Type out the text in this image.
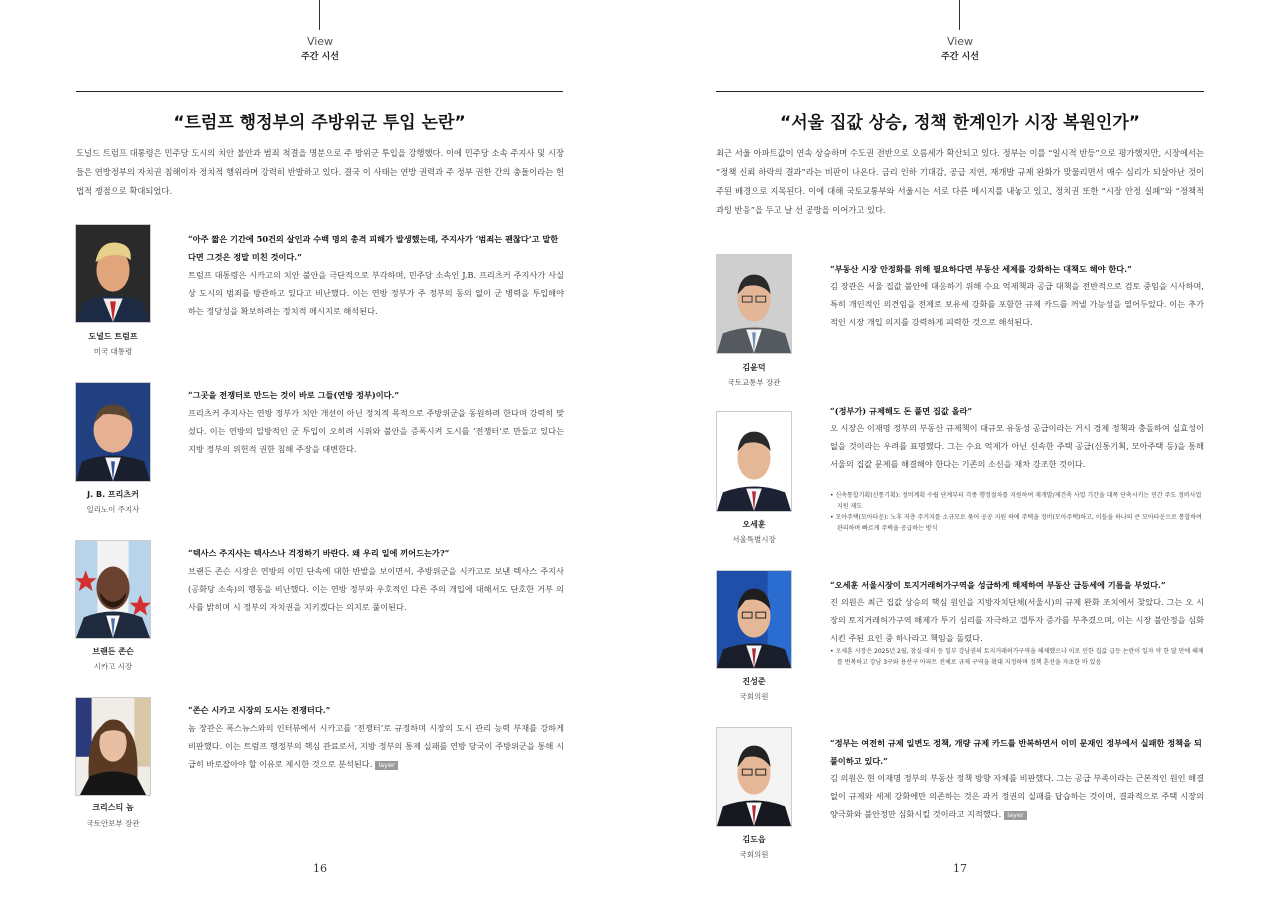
View
주간 시선
“트럼프 행정부의 주방위군 투입 논란”
도널드 트럼프 대통령은 민주당 도시의 치안 불안과 범죄 척결을 명분으로 주 방위군 투입을 강행했다. 이에 민주당 소속 주지사 및 시장들은 연방정부의 자치권 침해이자 정치적 행위라며 강력히 반발하고 있다. 결국 이 사태는 연방 권력과 주 정부 권한 간의 충돌이라는 헌법적 쟁점으로 확대되었다.
도널드 트럼프
미국 대통령
“아주 짧은 기간에 50건의 살인과 수백 명의 총격 피해가 발생했는데, 주지사가 ‘범죄는 괜찮다’고 말한다면 그것은 정말 미친 것이다.”
트럼프 대통령은 시카고의 치안 불안을 극단적으로 부각하며, 민주당 소속인 J.B. 프리츠커 주지사가 사실상 도시의 범죄를 방관하고 있다고 비난했다. 이는 연방 정부가 주 정부의 동의 없이 군 병력을 투입해야 하는 정당성을 확보하려는 정치적 메시지로 해석된다.
J. B. 프리츠커
일리노이 주지사
“그곳을 전쟁터로 만드는 것이 바로 그들(연방 정부)이다.”
프리츠커 주지사는 연방 정부가 치안 개선이 아닌 정치적 목적으로 주방위군을 동원하려 한다며 강력히 맞섰다. 이는 연방의 일방적인 군 투입이 오히려 시위와 불안을 증폭시켜 도시를 ‘전쟁터’로 만들고 있다는 지방 정부의 위헌적 권한 침해 주장을 대변한다.
브랜든 존슨
시카고 시장
“텍사스 주지사는 텍사스나 걱정하기 바란다. 왜 우리 일에 끼어드는가?”
브랜든 존슨 시장은 연방의 이민 단속에 대한 반발을 보이면서, 주방위군을 시카고로 보낸 텍사스 주지사(공화당 소속)의 행동을 비난했다. 이는 연방 정부와 우호적인 다른 주의 개입에 대해서도 단호한 거부 의사를 밝히며 시 정부의 자치권을 지키겠다는 의지로 풀이된다.
크리스티 놈
국토안보부 장관
“존슨 시카고 시장의 도시는 전쟁터다.”
놈 장관은 폭스뉴스와의 인터뷰에서 시카고를 ‘전쟁터’로 규정하며 시장의 도시 관리 능력 부재를 강하게 비판했다. 이는 트럼프 행정부의 핵심 관료로서, 지방 정부의 통제 실패를 연방 당국이 주방위군을 통해 시급히 바로잡아야 할 이유로 제시한 것으로 분석된다. layer
16
View
주간 시선
“서울 집값 상승, 정책 한계인가 시장 복원인가”
최근 서울 아파트값이 연속 상승하며 수도권 전반으로 오름세가 확산되고 있다. 정부는 이를 “일시적 반등”으로 평가했지만, 시장에서는 “정책 신뢰 하락의 결과”라는 비판이 나온다. 금리 인하 기대감, 공급 지연, 재개발 규제 완화가 맞물리면서 매수 심리가 되살아난 것이 주된 배경으로 지목된다. 이에 대해 국토교통부와 서울시는 서로 다른 메시지를 내놓고 있고, 정치권 또한 “시장 안정 실패”와 “정책적 과잉 반응”을 두고 날 선 공방을 이어가고 있다.
김윤덕
국토교통부 장관
“부동산 시장 안정화를 위해 필요하다면 부동산 세제를 강화하는 대책도 해야 한다.”
김 장관은 서울 집값 불안에 대응하기 위해 수요 억제책과 공급 대책을 전반적으로 검토 중임을 시사하며, 특히 개인적인 의견임을 전제로 보유세 강화를 포함한 규제 카드를 꺼낼 가능성을 열어두었다. 이는 추가적인 시장 개입 의지를 강력하게 피력한 것으로 해석된다.
오세훈
서울특별시장
“(정부가) 규제해도 돈 풀면 집값 올라”
오 시장은 이재명 정부의 부동산 규제책이 대규모 유동성 공급이라는 거시 경제 정책과 충돌하여 실효성이 없을 것이라는 우려를 표명했다. 그는 수요 억제가 아닌 신속한 주택 공급(신통기획, 모아주택 등)을 통해 서울의 집값 문제를 해결해야 한다는 기존의 소신을 재차 강조한 것이다.
• 신속통합기획(신통기획): 정비계획 수립 단계부터 각종 행정절차를 지원하여 재개발/재건축 사업 기간을 대폭 단축시키는 민간 주도 정비사업 지원 제도
• 모아주택(모아타운): 노후 저층 주거지를 소규모로 묶어 공공 지원 하에 주택을 정비(모아주택)하고, 이들을 하나의 큰 모아타운으로 통합하여 관리하며 빠르게 주택을 공급하는 방식
진성준
국회의원
“오세훈 서울시장이 토지거래허가구역을 성급하게 해제하여 부동산 급등세에 기름을 부었다.”
진 의원은 최근 집값 상승의 핵심 원인을 지방자치단체(서울시)의 규제 완화 조치에서 찾았다. 그는 오 시장의 토지거래허가구역 해제가 투기 심리를 자극하고 갭투자 증가를 부추겼으며, 이는 시장 불안정을 심화시킨 주된 요인 중 하나라고 책임을 돌렸다.
• 오세훈 시장은 2025년 2월, 잠실·대치 등 일부 강남권의 토지거래허가구역을 해제했으나 이로 인한 집값 급등 논란이 일자 약 한 달 만에 해제를 번복하고 강남 3구와 용산구 아파트 전체로 규제 구역을 확대 지정하며 정책 혼선을 자초한 바 있음
김도읍
국회의원
“정부는 여전히 규제 일변도 정책, 개량 규제 카드를 반복하면서 이미 문재인 정부에서 실패한 정책을 되풀이하고 있다.”
김 의원은 현 이재명 정부의 부동산 정책 방향 자체를 비판했다. 그는 공급 부족이라는 근본적인 원인 해결 없이 규제와 세제 강화에만 의존하는 것은 과거 정권의 실패를 답습하는 것이며, 결과적으로 주택 시장의 양극화와 불안정만 심화시킬 것이라고 지적했다. layer
17
